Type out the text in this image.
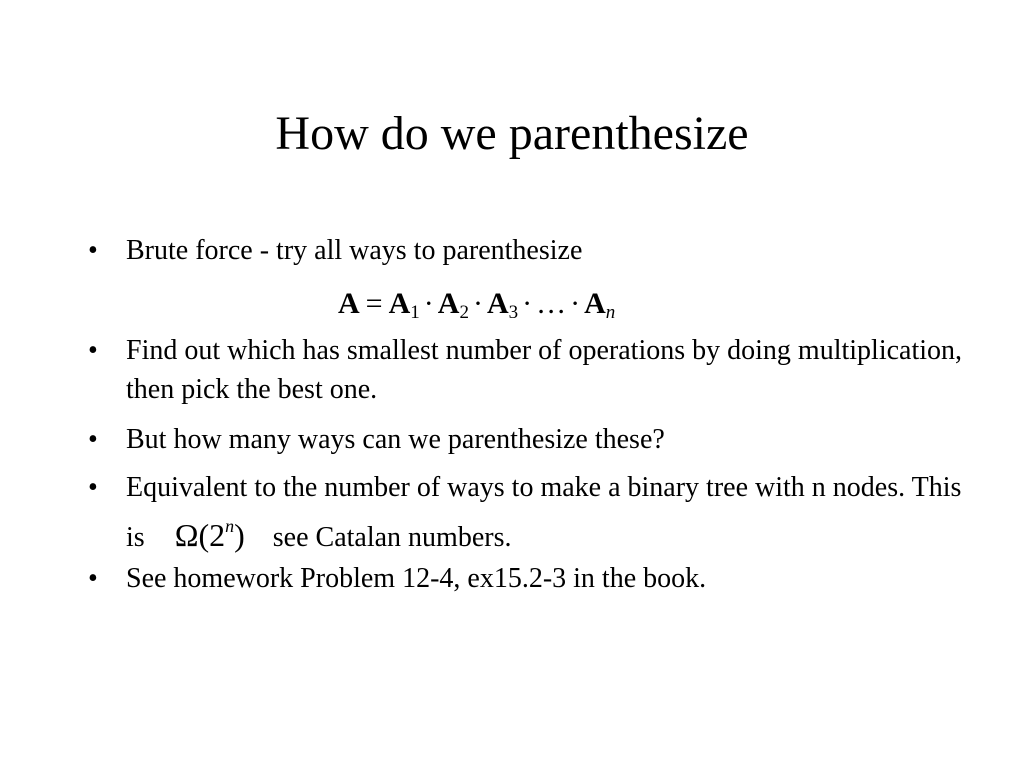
How do we parenthesize
•	Brute force - try all ways to parenthesize
$A = A_1 \cdot A_2 \cdot A_3$ · … · $A_n$
•	Find out which has smallest number of operations by doing multiplication, then pick the best one.
•	But how many ways can we parenthesize these?
•	Equivalent to the number of ways to make a binary tree with n nodes. This is Ω(2$^n$) see Catalan numbers.
•	See homework Problem 12-4, ex15.2-3 in the book.
